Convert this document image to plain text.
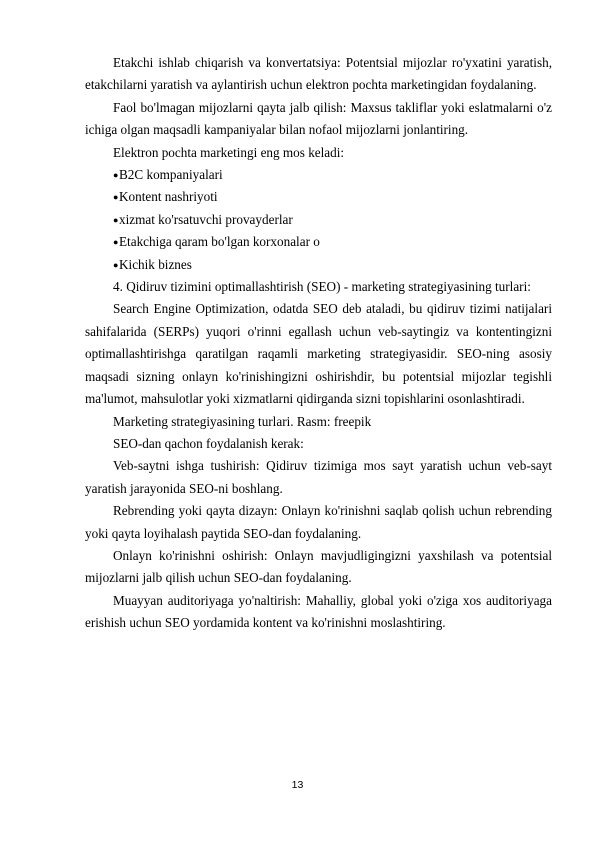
Etakchi ishlab chiqarish va konvertatsiya: Potentsial mijozlar ro'yxatini yaratish, etakchilarni yaratish va aylantirish uchun elektron pochta marketingidan foydalaning.

Faol bo'lmagan mijozlarni qayta jalb qilish: Maxsus takliflar yoki eslatmalarni o'z ichiga olgan maqsadli kampaniyalar bilan nofaol mijozlarni jonlantiring.

Elektron pochta marketingi eng mos keladi:

●B2C kompaniyalari

●Kontent nashriyoti

●xizmat ko'rsatuvchi provayderlar

●Etakchiga qaram bo'lgan korxonalar o

●Kichik biznes

4. Qidiruv tizimini optimallashtirish (SEO) - marketing strategiyasining turlari:

Search Engine Optimization, odatda SEO deb ataladi, bu qidiruv tizimi natijalari sahifalarida (SERPs) yuqori o'rinni egallash uchun veb-saytingiz va kontentingizni optimallashtirishga qaratilgan raqamli marketing strategiyasidir. SEO-ning asosiy maqsadi sizning onlayn ko'rinishingizni oshirishdir, bu potentsial mijozlar tegishli ma'lumot, mahsulotlar yoki xizmatlarni qidirganda sizni topishlarini osonlashtiradi.

Marketing strategiyasining turlari. Rasm: freepik

SEO-dan qachon foydalanish kerak:

Veb-saytni ishga tushirish: Qidiruv tizimiga mos sayt yaratish uchun veb-sayt yaratish jarayonida SEO-ni boshlang.

Rebrending yoki qayta dizayn: Onlayn ko'rinishni saqlab qolish uchun rebrending yoki qayta loyihalash paytida SEO-dan foydalaning.

Onlayn ko'rinishni oshirish: Onlayn mavjudligingizni yaxshilash va potentsial mijozlarni jalb qilish uchun SEO-dan foydalaning.

Muayyan auditoriyaga yo'naltirish: Mahalliy, global yoki o'ziga xos auditoriyaga erishish uchun SEO yordamida kontent va ko'rinishni moslashtiring.

13
